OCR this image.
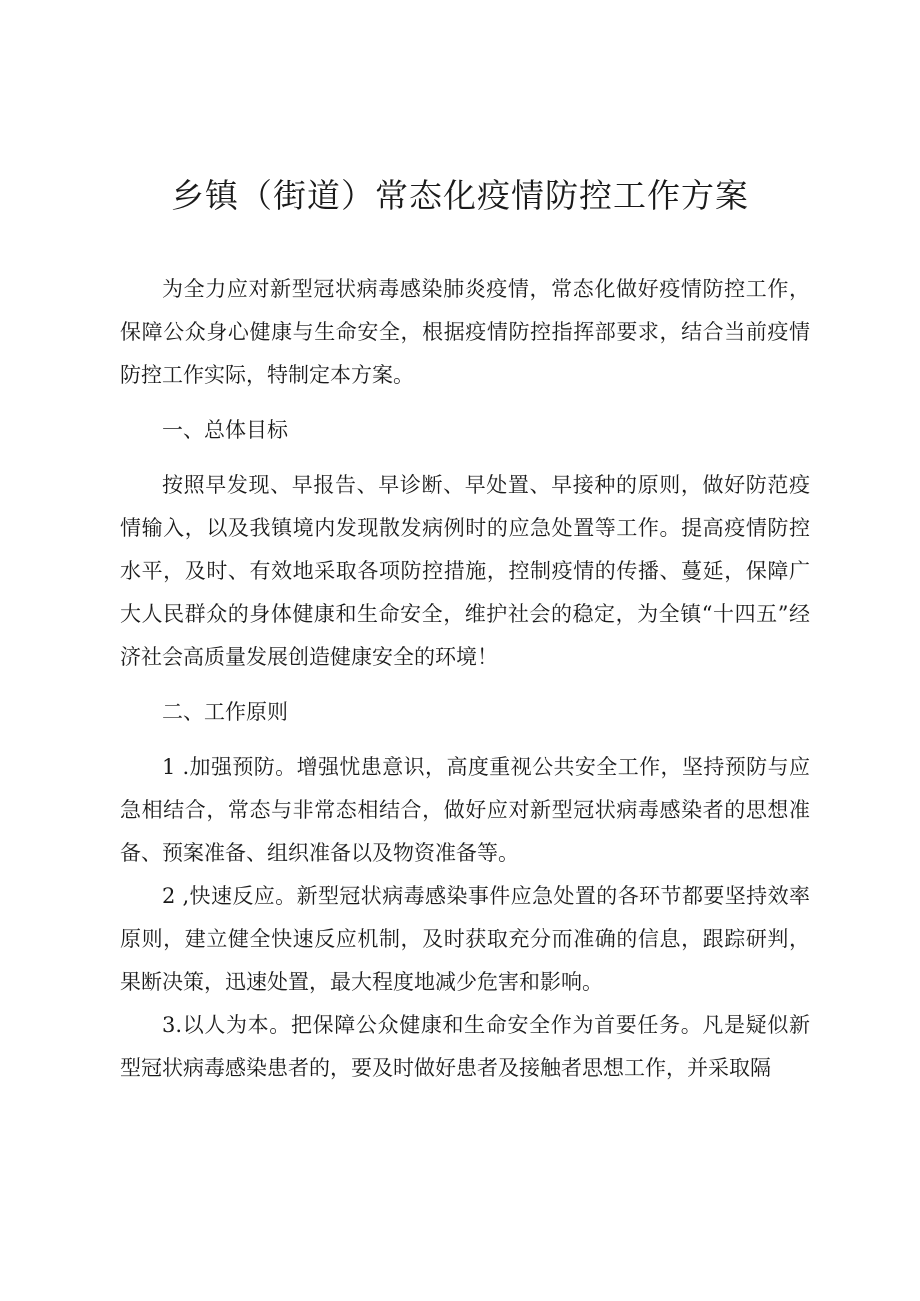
乡镇（街道）常态化疫情防控工作方案

为全力应对新型冠状病毒感染肺炎疫情，常态化做好疫情防控工作，保障公众身心健康与生命安全，根据疫情防控指挥部要求，结合当前疫情防控工作实际，特制定本方案。

一、总体目标

按照早发现、早报告、早诊断、早处置、早接种的原则，做好防范疫情输入，以及我镇境内发现散发病例时的应急处置等工作。提高疫情防控水平，及时、有效地采取各项防控措施，控制疫情的传播、蔓延，保障广大人民群众的身体健康和生命安全，维护社会的稳定，为全镇“十四五”经济社会高质量发展创造健康安全的环境！

二、工作原则

1 .加强预防。增强忧患意识，高度重视公共安全工作，坚持预防与应急相结合，常态与非常态相结合，做好应对新型冠状病毒感染者的思想准备、预案准备、组织准备以及物资准备等。

2 ,快速反应。新型冠状病毒感染事件应急处置的各环节都要坚持效率原则，建立健全快速反应机制，及时获取充分而准确的信息，跟踪研判，果断决策，迅速处置，最大程度地减少危害和影响。

3.以人为本。把保障公众健康和生命安全作为首要任务。凡是疑似新型冠状病毒感染患者的，要及时做好患者及接触者思想工作，并采取隔
